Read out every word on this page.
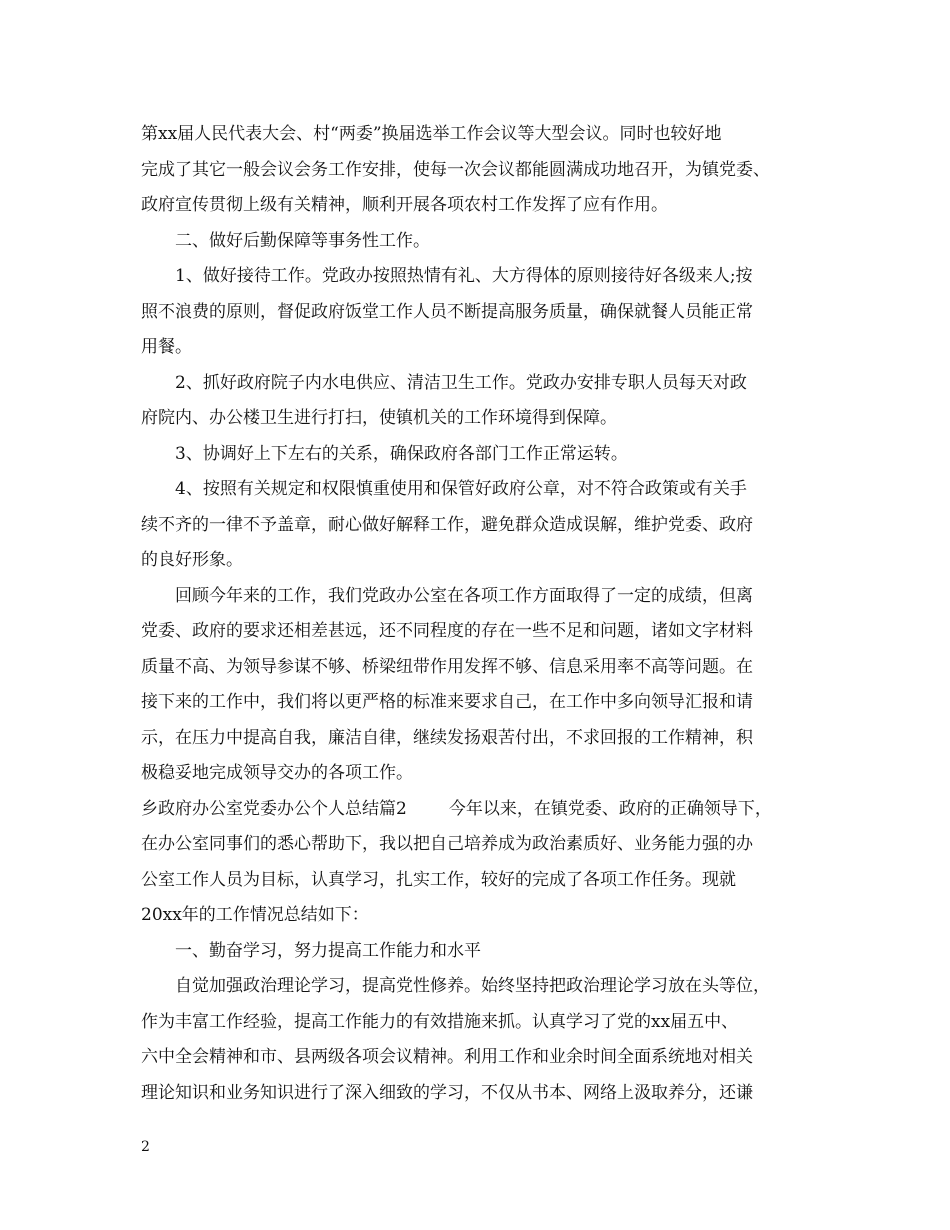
第xx届人民代表大会、村“两委”换届选举工作会议等大型会议。同时也较好地
完成了其它一般会议会务工作安排，使每一次会议都能圆满成功地召开，为镇党委、
政府宣传贯彻上级有关精神，顺利开展各项农村工作发挥了应有作用。
　　二、做好后勤保障等事务性工作。
　　1、做好接待工作。党政办按照热情有礼、大方得体的原则接待好各级来人;按
照不浪费的原则，督促政府饭堂工作人员不断提高服务质量，确保就餐人员能正常
用餐。
　　2、抓好政府院子内水电供应、清洁卫生工作。党政办安排专职人员每天对政
府院内、办公楼卫生进行打扫，使镇机关的工作环境得到保障。
　　3、协调好上下左右的关系，确保政府各部门工作正常运转。
　　4、按照有关规定和权限慎重使用和保管好政府公章，对不符合政策或有关手
续不齐的一律不予盖章，耐心做好解释工作，避免群众造成误解，维护党委、政府
的良好形象。
　　回顾今年来的工作，我们党政办公室在各项工作方面取得了一定的成绩，但离
党委、政府的要求还相差甚远，还不同程度的存在一些不足和问题，诸如文字材料
质量不高、为领导参谋不够、桥梁纽带作用发挥不够、信息采用率不高等问题。在
接下来的工作中，我们将以更严格的标准来要求自己，在工作中多向领导汇报和请
示，在压力中提高自我，廉洁自律，继续发扬艰苦付出，不求回报的工作精神，积
极稳妥地完成领导交办的各项工作。
乡政府办公室党委办公个人总结篇2 今年以来，在镇党委、政府的正确领导下，
在办公室同事们的悉心帮助下，我以把自己培养成为政治素质好、业务能力强的办
公室工作人员为目标，认真学习，扎实工作，较好的完成了各项工作任务。现就
20xx年的工作情况总结如下：
　　一、勤奋学习，努力提高工作能力和水平
　　自觉加强政治理论学习，提高党性修养。始终坚持把政治理论学习放在头等位，
作为丰富工作经验，提高工作能力的有效措施来抓。认真学习了党的xx届五中、
六中全会精神和市、县两级各项会议精神。利用工作和业余时间全面系统地对相关
理论知识和业务知识进行了深入细致的学习，不仅从书本、网络上汲取养分，还谦
2
